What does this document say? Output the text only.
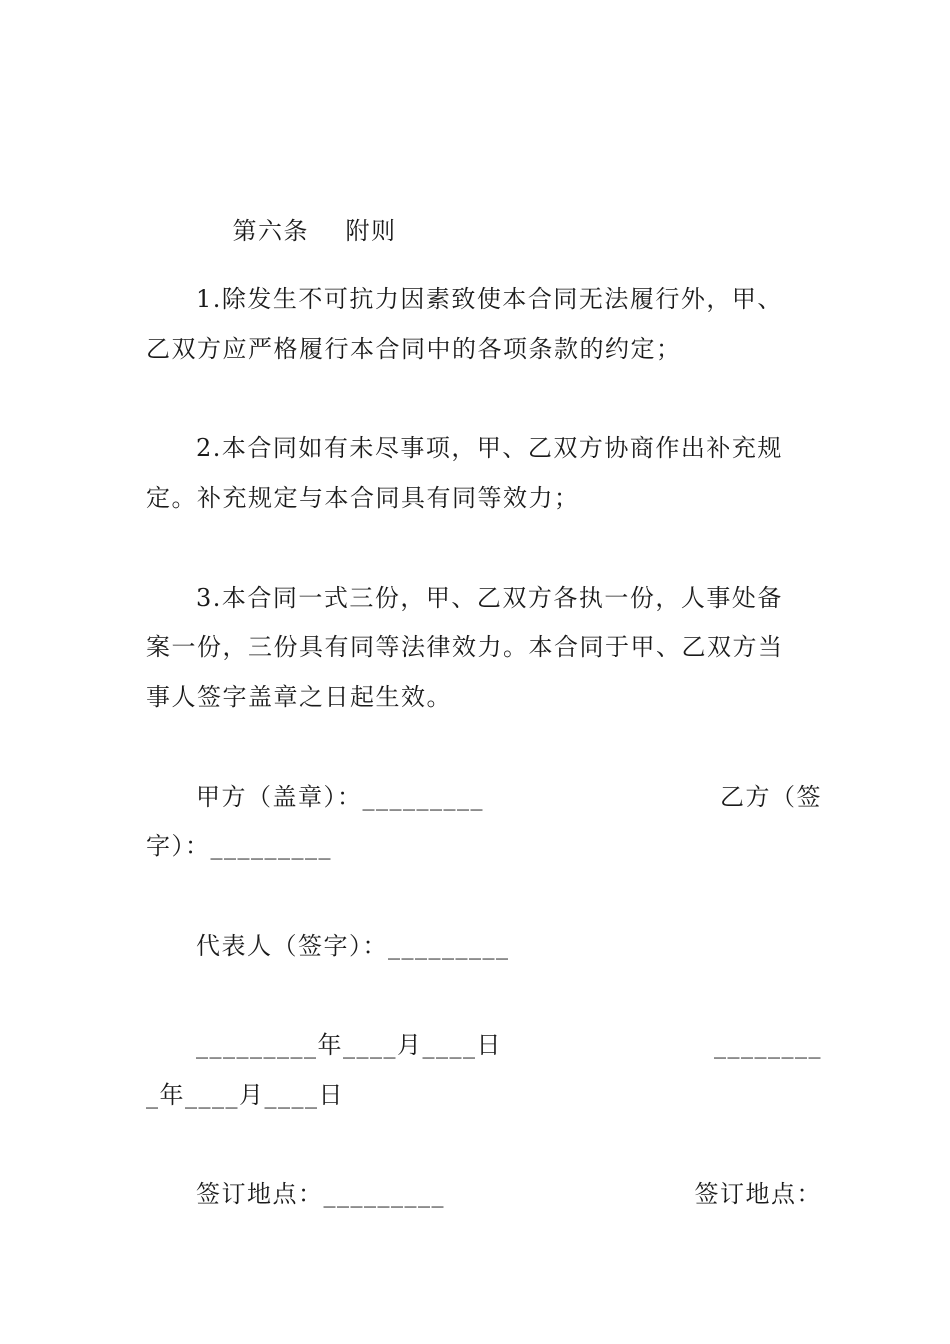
第六条 附则

1.除发生不可抗力因素致使本合同无法履行外，甲、
乙双方应严格履行本合同中的各项条款的约定；
2.本合同如有未尽事项，甲、乙双方协商作出补充规
定。补充规定与本合同具有同等效力；
3.本合同一式三份，甲、乙双方各执一份，人事处备
案一份，三份具有同等法律效力。本合同于甲、乙双方当
事人签字盖章之日起生效。
甲方（盖章）：_________	乙方（签
字）：_________
代表人（签字）：_________
_________年____月____日	________
_年____月____日
签订地点：_________	签订地点：
